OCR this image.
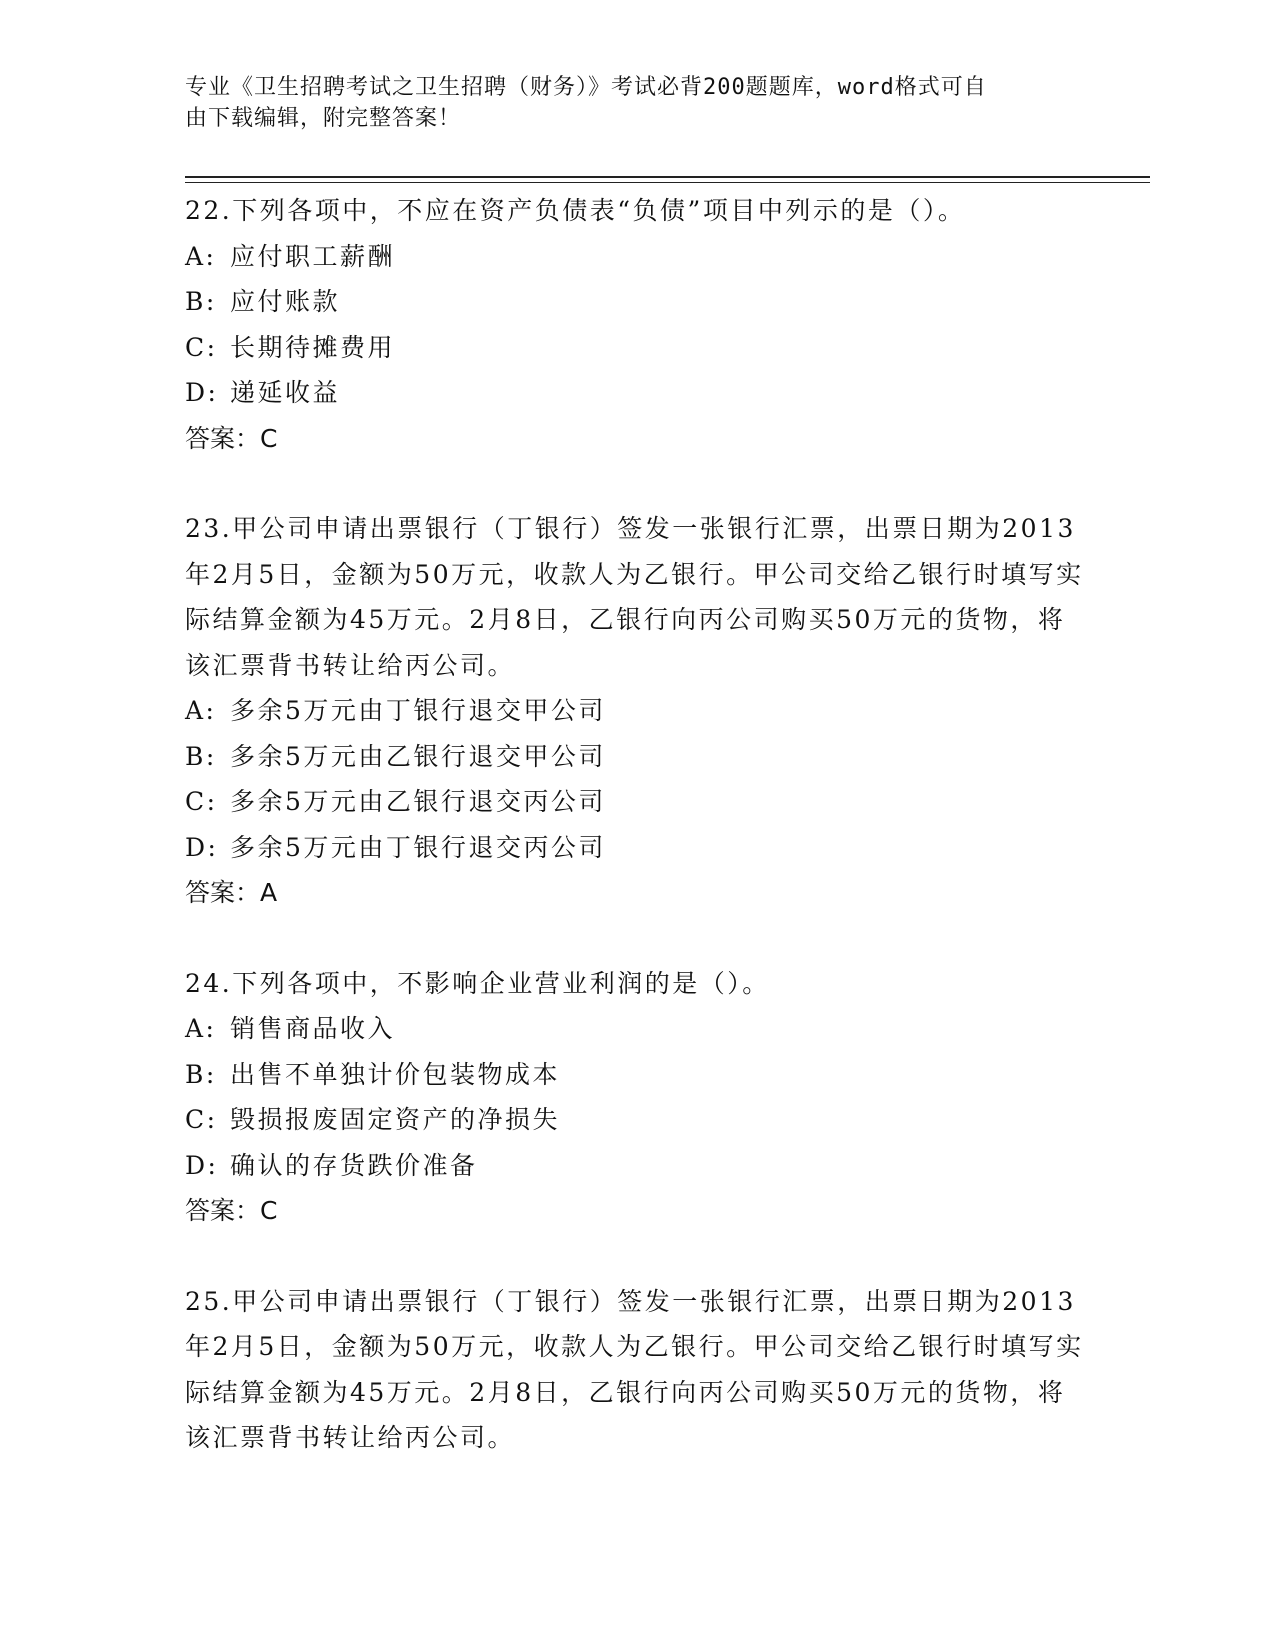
专业《卫生招聘考试之卫生招聘（财务）》考试必背200题题库，word格式可自
由下载编辑，附完整答案！

22.下列各项中，不应在资产负债表“负债”项目中列示的是（）。

A: 应付职工薪酬

B: 应付账款

C: 长期待摊费用

D: 递延收益

答案：C

23.甲公司申请出票银行（丁银行）签发一张银行汇票，出票日期为2013年2月5日，金额为50万元，收款人为乙银行。甲公司交给乙银行时填写实际结算金额为45万元。2月8日，乙银行向丙公司购买50万元的货物，将该汇票背书转让给丙公司。

A: 多余5万元由丁银行退交甲公司

B: 多余5万元由乙银行退交甲公司

C: 多余5万元由乙银行退交丙公司

D: 多余5万元由丁银行退交丙公司

答案：A

24.下列各项中，不影响企业营业利润的是（）。

A: 销售商品收入

B: 出售不单独计价包装物成本

C: 毁损报废固定资产的净损失

D: 确认的存货跌价准备

答案：C

25.甲公司申请出票银行（丁银行）签发一张银行汇票，出票日期为2013年2月5日，金额为50万元，收款人为乙银行。甲公司交给乙银行时填写实际结算金额为45万元。2月8日，乙银行向丙公司购买50万元的货物，将该汇票背书转让给丙公司。
